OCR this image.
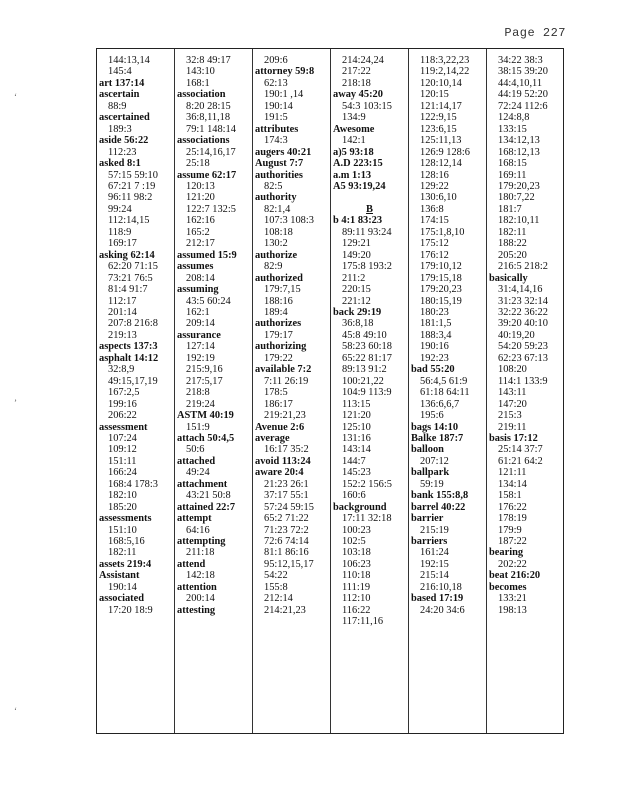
Page 227
144:13,14
145:4
art 137:14
ascertain
88:9
ascertained
189:3
aside 56:22
112:23
asked 8:1
57:15 59:10
67:21 7 :19
96:11 98:2
99:24
112:14,15
118:9
169:17
asking 62:14
62:20 71:15
73:21 76:5
81:4 91:7
112:17
201:14
207:8 216:8
219:13
aspects 137:3
asphalt 14:12
32:8,9
49:15,17,19
167:2,5
199:16
206:22
assessment
107:24
109:12
151:11
166:24
168:4 178:3
182:10
185:20
assessments
151:10
168:5,16
182:11
assets 219:4
Assistant
190:14
associated
17:20 18:9
32:8 49:17
143:10
168:1
association
8:20 28:15
36:8,11,18
79:1 148:14
associations
25:14,16,17
25:18
assume 62:17
120:13
121:20
122:7 132:5
162:16
165:2
212:17
assumed 15:9
assumes
208:14
assuming
43:5 60:24
162:1
209:14
assurance
127:14
192:19
215:9,16
217:5,17
218:8
219:24
ASTM 40:19
151:9
attach 50:4,5
50:6
attached
49:24
attachment
43:21 50:8
attained 22:7
attempt
64:16
attempting
211:18
attend
142:18
attention
200:14
attesting
209:6
attorney 59:8
62:13
190:1 ,14
190:14
191:5
attributes
174:3
augers 40:21
August 7:7
authorities
82:5
authority
82:1,4
107:3 108:3
108:18
130:2
authorize
82:9
authorized
179:7,15
188:16
189:4
authorizes
179:17
authorizing
179:22
available 7:2
7:11 26:19
178:5
186:17
219:21,23
Avenue 2:6
average
16:17 35:2
avoid 113:24
aware 20:4
21:23 26:1
37:17 55:1
57:24 59:15
65:2 71:22
71:23 72:2
72:6 74:14
81:1 86:16
95:12,15,17
54:22
155:8
212:14
214:21,23
214:24,24
217:22
218:18
away 45:20
54:3 103:15
134:9
Awesome
142:1
a)5 93:18
A.D 223:15
a.m 1:13
A5 93:19,24

B
b 4:1 83:23
89:11 93:24
129:21
149:20
175:8 193:2
211:2
220:15
221:12
back 29:19
36:8,18
45:8 49:10
58:23 60:18
65:22 81:17
89:13 91:2
100:21,22
104:9 113:9
113:15
121:20
125:10
131:16
143:14
144:7
145:23
152:2 156:5
160:6
background
17:11 32:18
100:23
102:5
103:18
106:23
110:18
111:19
112:10
116:22
117:11,16
118:3,22,23
119:2,14,22
120:10,14
120:15
121:14,17
122:9,15
123:6,15
125:11,13
126:9 128:6
128:12,14
128:16
129:22
130:6,10
136:8
174:15
175:1,8,10
175:12
176:12
179:10,12
179:15,18
179:20,23
180:15,19
180:23
181:1,5
188:3,4
190:16
192:23
bad 55:20
56:4,5 61:9
61:18 64:11
136:6,6,7
195:6
bags 14:10
Balke 187:7
balloon
207:12
ballpark
59:19
bank 155:8,8
barrel 40:22
barrier
215:19
barriers
161:24
192:15
215:14
216:10,18
based 17:19
24:20 34:6
34:22 38:3
38:15 39:20
44:4,10,11
44:19 52:20
72:24 112:6
124:8,8
133:15
134:12,13
168:12,13
168:15
169:11
179:20,23
180:7,22
181:7
182:10,11
182:11
188:22
205:20
216:5 218:2
basically
31:4,14,16
31:23 32:14
32:22 36:22
39:20 40:10
40:19,20
54:20 59:23
62:23 67:13
108:20
114:1 133:9
143:11
147:20
215:3
219:11
basis 17:12
25:14 37:7
61:21 64:2
121:11
134:14
158:1
176:22
178:19
179:9
187:22
bearing
202:22
beat 216:20
becomes
133:21
198:13
ʻ
ʼ
ʻ
